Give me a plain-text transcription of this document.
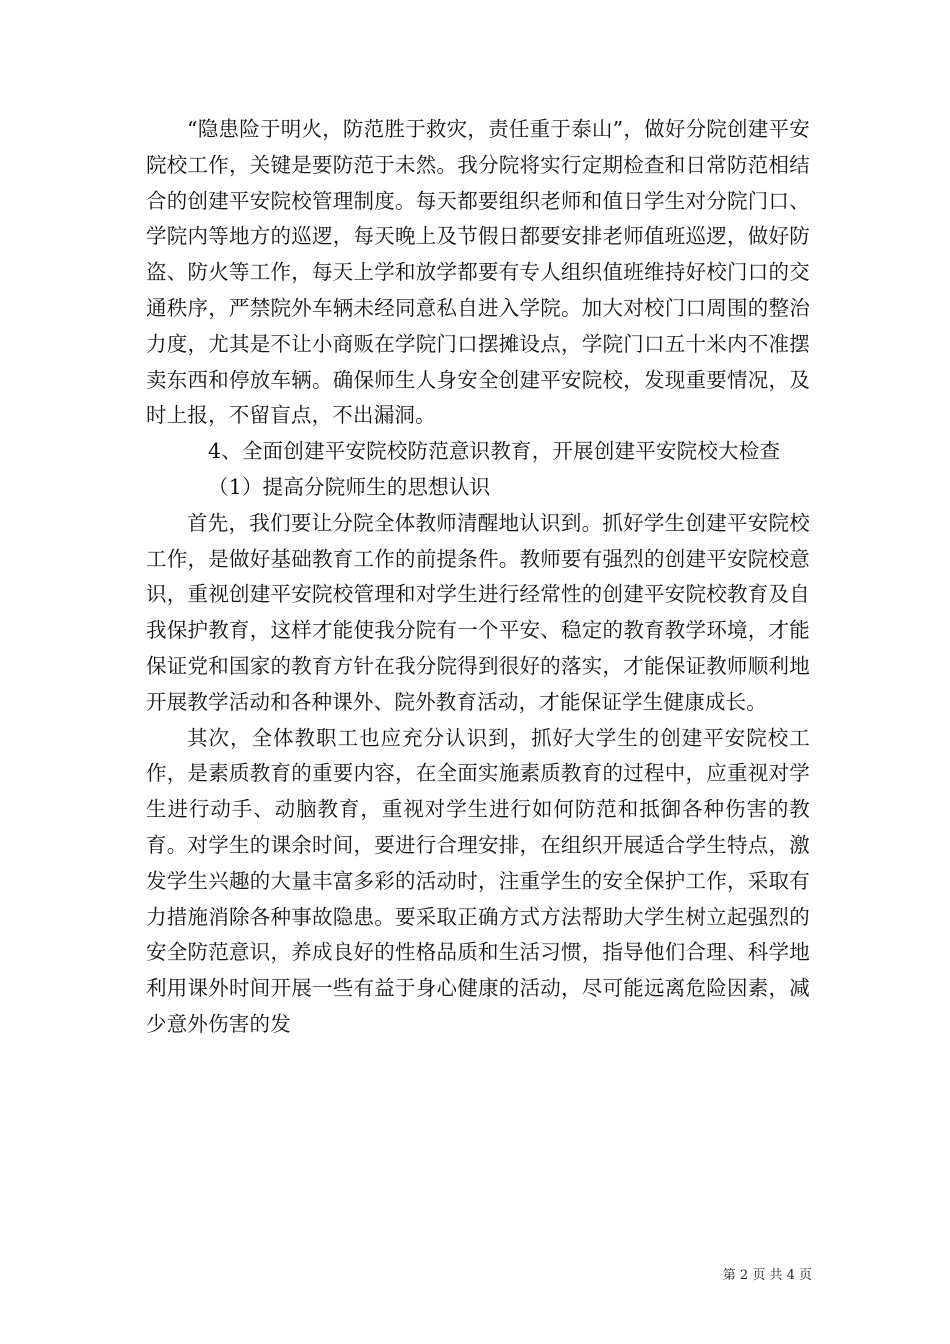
“隐患险于明火，防范胜于救灾，责任重于泰山”，做好分院创建平安院校工作，关键是要防范于未然。我分院将实行定期检查和日常防范相结合的创建平安院校管理制度。每天都要组织老师和值日学生对分院门口、学院内等地方的巡逻，每天晚上及节假日都要安排老师值班巡逻，做好防盗、防火等工作，每天上学和放学都要有专人组织值班维持好校门口的交通秩序，严禁院外车辆未经同意私自进入学院。加大对校门口周围的整治力度，尤其是不让小商贩在学院门口摆摊设点，学院门口五十米内不准摆卖东西和停放车辆。确保师生人身安全创建平安院校，发现重要情况，及时上报，不留盲点，不出漏洞。

4、全面创建平安院校防范意识教育，开展创建平安院校大检查

（1）提高分院师生的思想认识

首先，我们要让分院全体教师清醒地认识到。抓好学生创建平安院校工作，是做好基础教育工作的前提条件。教师要有强烈的创建平安院校意识，重视创建平安院校管理和对学生进行经常性的创建平安院校教育及自我保护教育，这样才能使我分院有一个平安、稳定的教育教学环境，才能保证党和国家的教育方针在我分院得到很好的落实，才能保证教师顺利地开展教学活动和各种课外、院外教育活动，才能保证学生健康成长。

其次，全体教职工也应充分认识到，抓好大学生的创建平安院校工作，是素质教育的重要内容，在全面实施素质教育的过程中，应重视对学生进行动手、动脑教育，重视对学生进行如何防范和抵御各种伤害的教育。对学生的课余时间，要进行合理安排，在组织开展适合学生特点，激发学生兴趣的大量丰富多彩的活动时，注重学生的安全保护工作，采取有力措施消除各种事故隐患。要采取正确方式方法帮助大学生树立起强烈的安全防范意识，养成良好的性格品质和生活习惯，指导他们合理、科学地利用课外时间开展一些有益于身心健康的活动，尽可能远离危险因素，减少意外伤害的发

第 2 页 共 4 页
